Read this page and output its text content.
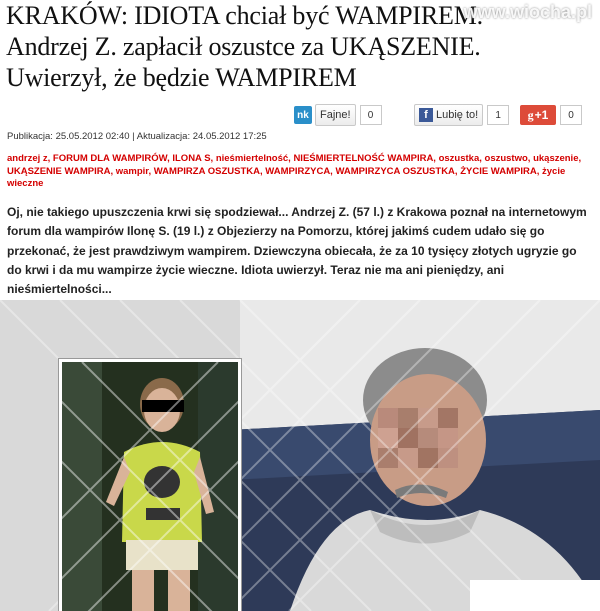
KRAKÓW: IDIOTA chciał być WAMPIREM.
Andrzej Z. zapłacił oszustce za UKĄSZENIE.
Uwierzył, że będzie WAMPIREM
www.wiocha.pl
nk Fajne!	0	f Lubię to!	1	g +1	0
Publikacja: 25.05.2012 02:40 | Aktualizacja: 24.05.2012 17:25
andrzej z, FORUM DLA WAMPIRÓW, ILONA S, nieśmiertelność, NIEŚMIERTELNOŚĆ WAMPIRA, oszustka, oszustwo, ukąszenie, UKĄSZENIE WAMPIRA, wampir, WAMPIRZA OSZUSTKA, WAMPIRZYCA, WAMPIRZYCA OSZUSTKA, ŻYCIE WAMPIRA, życie wieczne
Oj, nie takiego upuszczenia krwi się spodziewał... Andrzej Z. (57 l.) z Krakowa poznał na internetowym forum dla wampirów Ilonę S. (19 l.) z Objezierzy na Pomorzu, której jakimś cudem udało się go przekonać, że jest prawdziwym wampirem. Dziewczyna obiecała, że za 10 tysięcy złotych ugryzie go do krwi i da mu wampirze życie wieczne. Idiota uwierzył. Teraz nie ma ani pieniędzy, ani nieśmiertelności...
